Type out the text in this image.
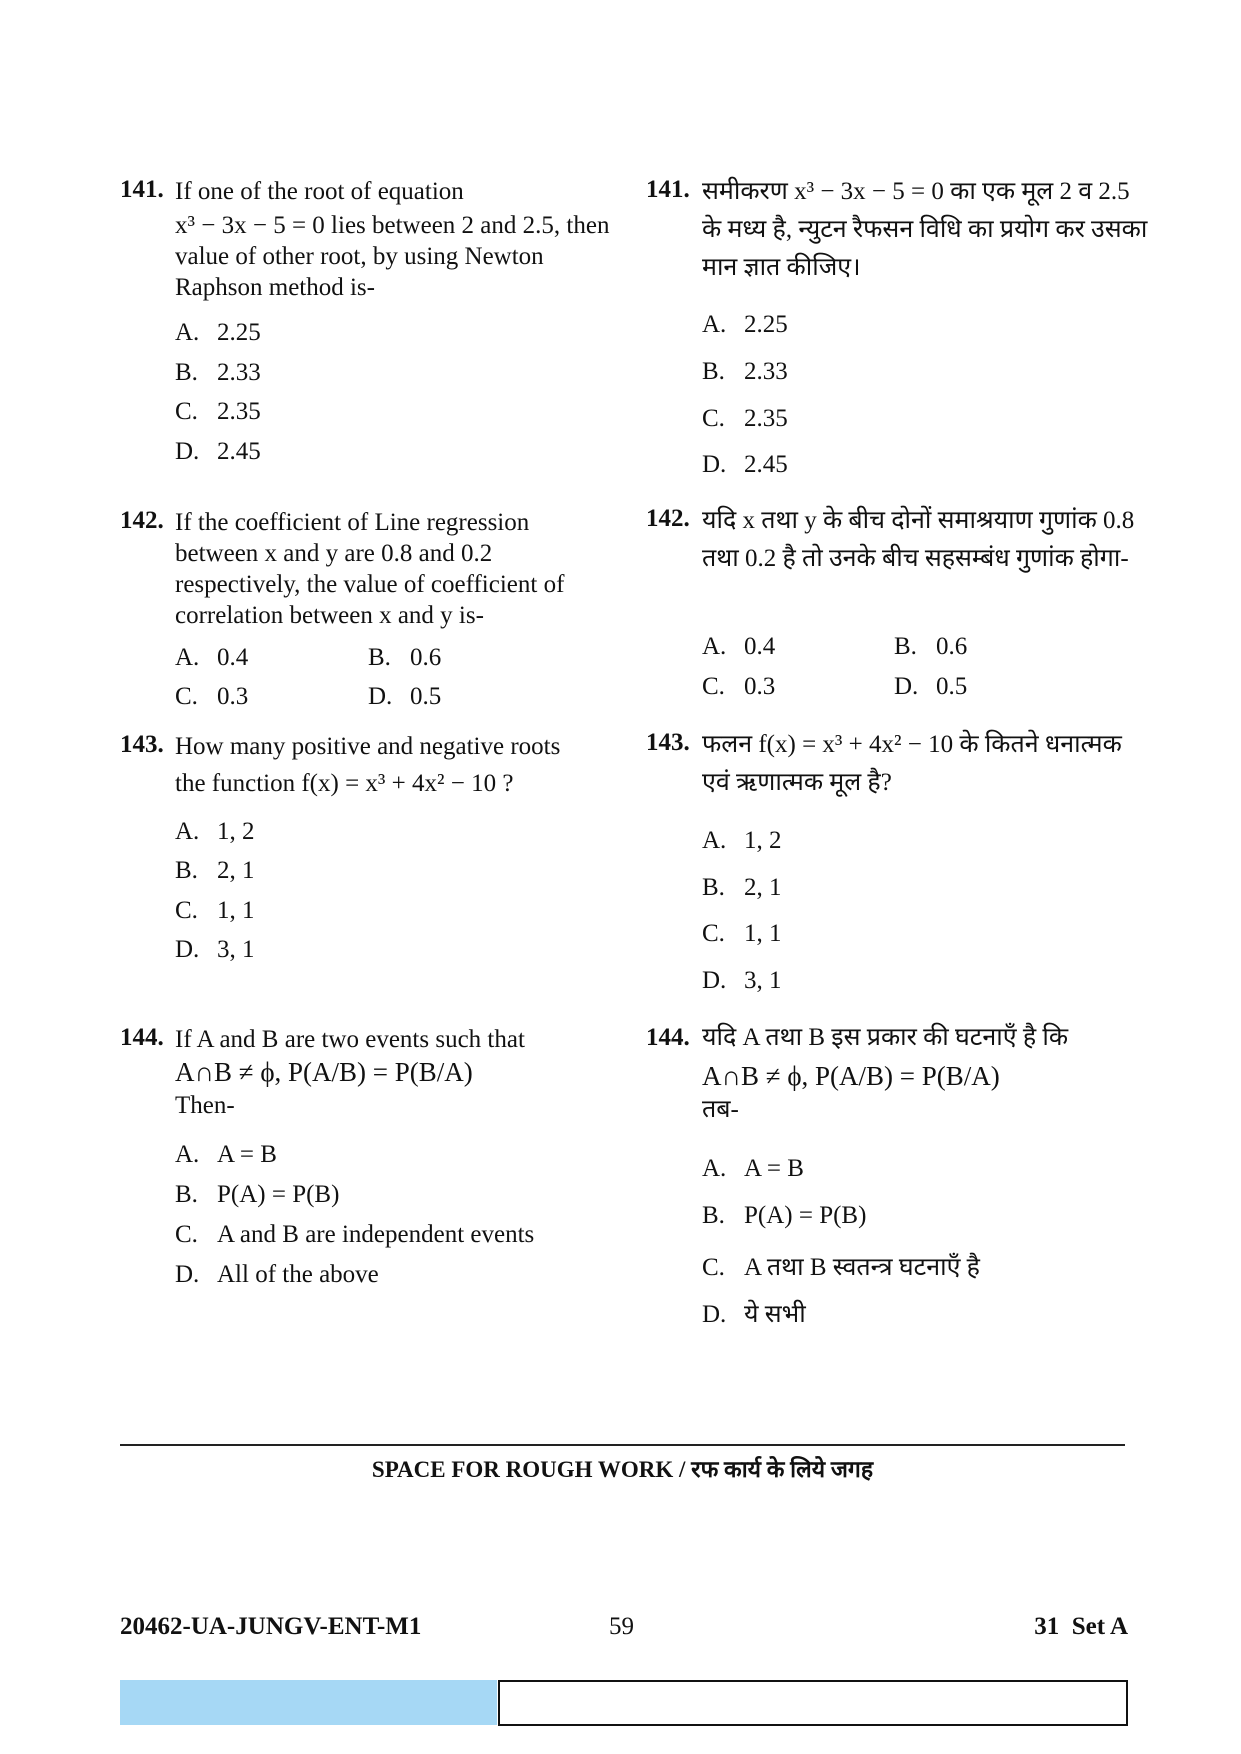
141. If one of the root of equation
x³ − 3x − 5 = 0 lies between 2 and 2.5, then value of other root, by using Newton Raphson method is-
A. 2.25
B. 2.33
C. 2.35
D. 2.45
142. If the coefficient of Line regression between x and y are 0.8 and 0.2 respectively, the value of coefficient of correlation between x and y is-
A. 0.4	B. 0.6
C. 0.3	D. 0.5
143. How many positive and negative roots
the function f(x) = x³ + 4x² − 10 ?
A. 1, 2
B. 2, 1
C. 1, 1
D. 3, 1
144. If A and B are two events such that
A∩B ≠ ϕ, P(A/B) = P(B/A)
Then-
A. A = B
B. P(A) = P(B)
C. A and B are independent events
D. All of the above
141. समीकरण x³ − 3x − 5 = 0 का एक मूल 2 व 2.5 के मध्य है, न्युटन रैफसन विधि का प्रयोग कर उसका मान ज्ञात कीजिए।
A. 2.25
B. 2.33
C. 2.35
D. 2.45
142. यदि x तथा y के बीच दोनों समाश्रयाण गुणांक 0.8 तथा 0.2 है तो उनके बीच सहसम्बंध गुणांक होगा-
A. 0.4	B. 0.6
C. 0.3	D. 0.5
143. फलन f(x) = x³ + 4x² − 10 के कितने धनात्मक एवं ऋणात्मक मूल है?
A. 1, 2
B. 2, 1
C. 1, 1
D. 3, 1
144. यदि A तथा B इस प्रकार की घटनाऍं है कि
A∩B ≠ ϕ, P(A/B) = P(B/A)
तब-
A. A = B
B. P(A) = P(B)
C. A तथा B स्वतन्त्र घटनाऍं है
D. ये सभी
SPACE FOR ROUGH WORK / रफ कार्य के लिये जगह
20462-UA-JUNGV-ENT-M1	59	31  Set A
